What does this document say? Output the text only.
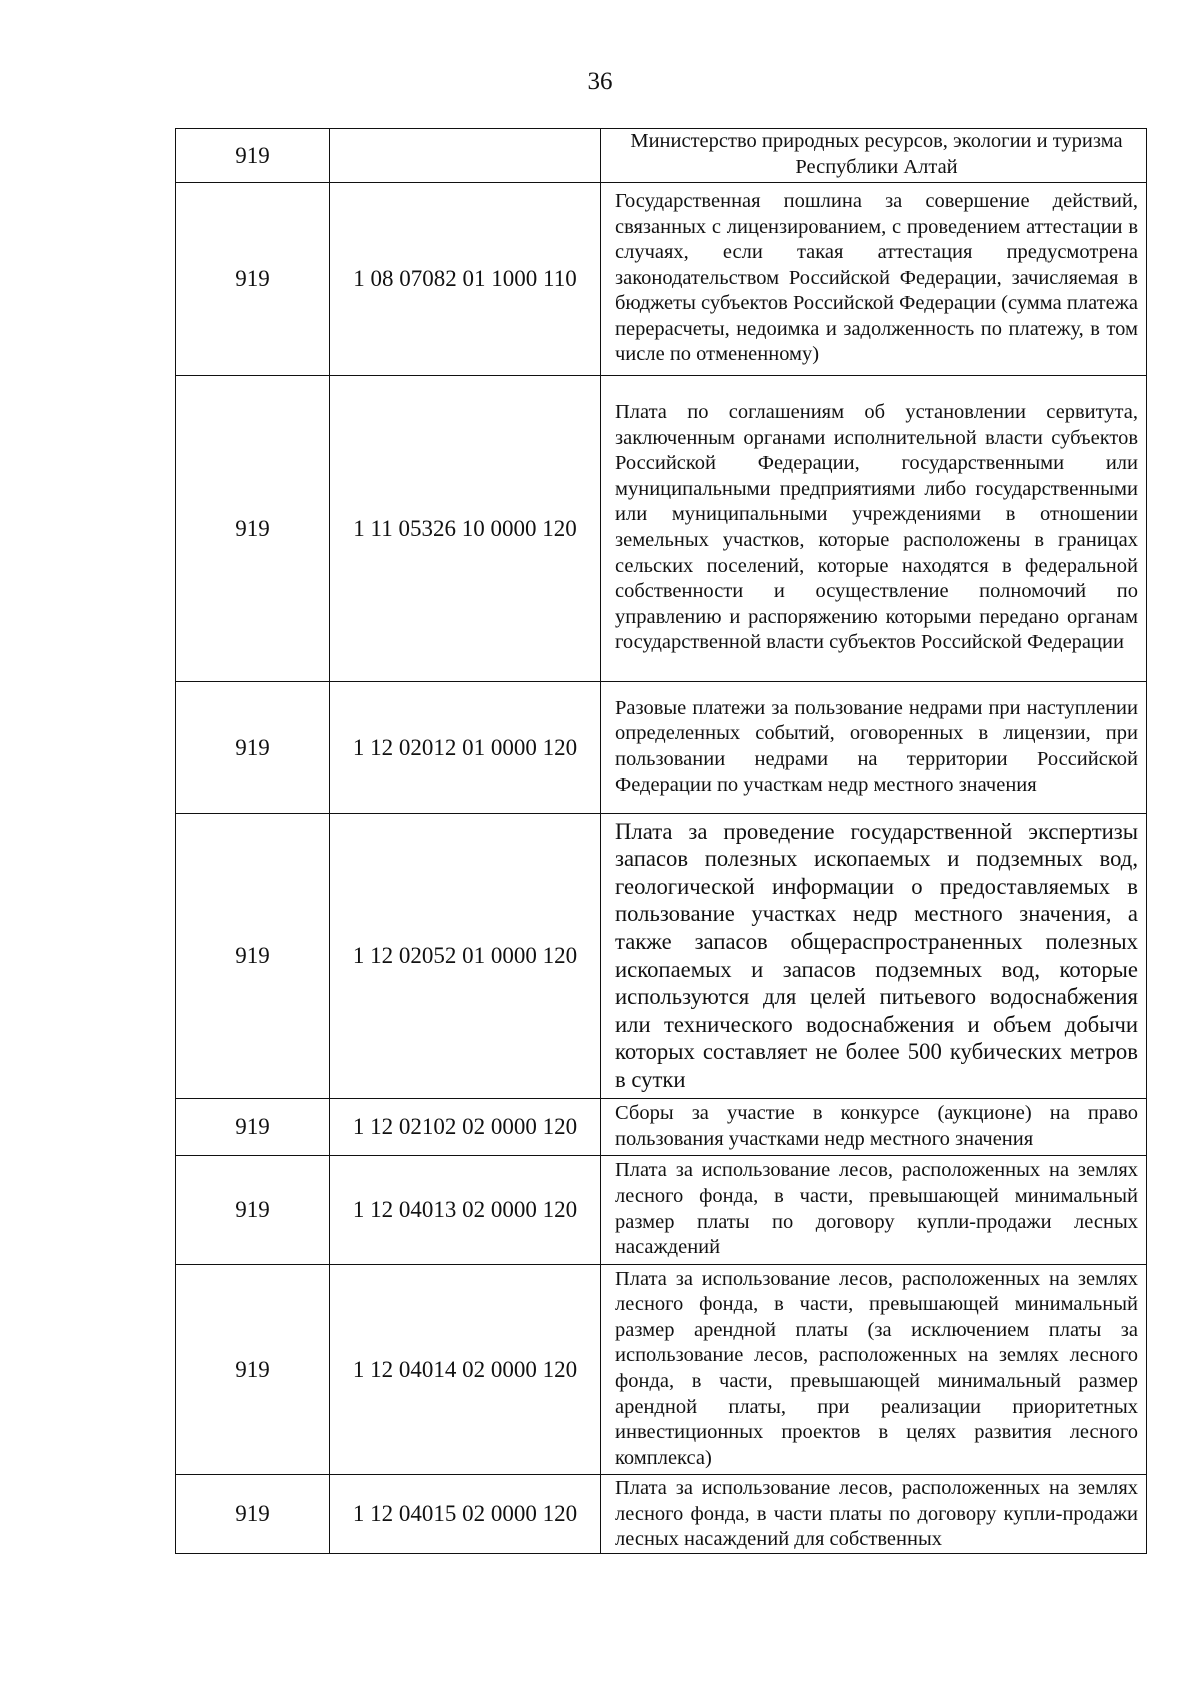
36
919		Министерство природных ресурсов, экологии и туризма Республики Алтай

919	1 08 07082 01 1000 110	Государственная пошлина за совершение действий, связанных с лицензированием, с проведением аттестации в случаях, если такая аттестация предусмотрена законодательством Российской Федерации, зачисляемая в бюджеты субъектов Российской Федерации (сумма платежа перерасчеты, недоимка и задолженность по платежу, в том числе по отмененному)

919	1 11 05326 10 0000 120	Плата по соглашениям об установлении сервитута, заключенным органами исполнительной власти субъектов Российской Федерации, государственными или муниципальными предприятиями либо государственными или муниципальными учреждениями в отношении земельных участков, которые расположены в границах сельских поселений, которые находятся в федеральной собственности и осуществление полномочий по управлению и распоряжению которыми передано органам государственной власти субъектов Российской Федерации

919	1 12 02012 01 0000 120	Разовые платежи за пользование недрами при наступлении определенных событий, оговоренных в лицензии, при пользовании недрами на территории Российской Федерации по участкам недр местного значения

919	1 12 02052 01 0000 120	Плата за проведение государственной экспертизы запасов полезных ископаемых и подземных вод, геологической информации о предоставляемых в пользование участках недр местного значения, а также запасов общераспространенных полезных ископаемых и запасов подземных вод, которые используются для целей питьевого водоснабжения или технического водоснабжения и объем добычи которых составляет не более 500 кубических метров в сутки

919	1 12 02102 02 0000 120	Сборы за участие в конкурсе (аукционе) на право пользования участками недр местного значения

919	1 12 04013 02 0000 120	Плата за использование лесов, расположенных на землях лесного фонда, в части, превышающей минимальный размер платы по договору купли-продажи лесных насаждений

919	1 12 04014 02 0000 120	Плата за использование лесов, расположенных на землях лесного фонда, в части, превышающей минимальный размер арендной платы (за исключением платы за использование лесов, расположенных на землях лесного фонда, в части, превышающей минимальный размер арендной платы, при реализации приоритетных инвестиционных проектов в целях развития лесного комплекса)

919	1 12 04015 02 0000 120	Плата за использование лесов, расположенных на землях лесного фонда, в части платы по договору купли-продажи лесных насаждений для собственных
